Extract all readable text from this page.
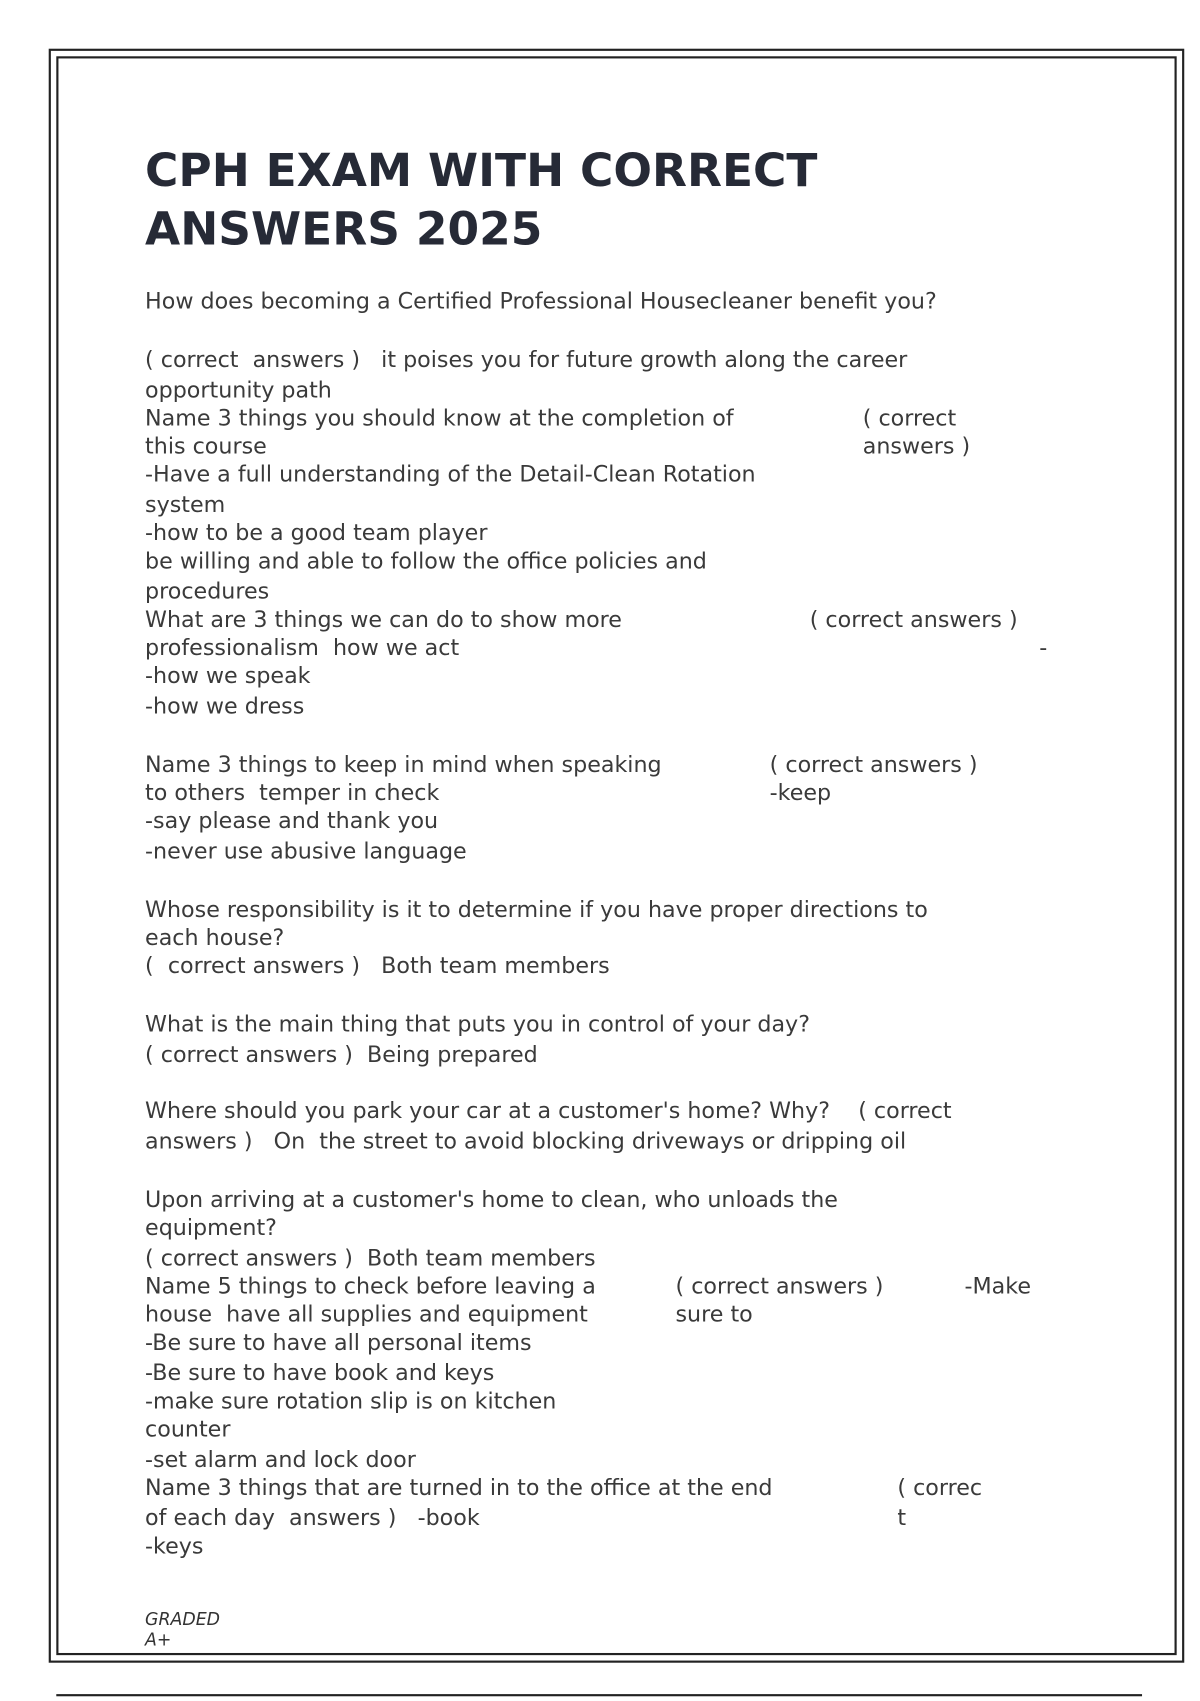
CPH EXAM WITH CORRECT
ANSWERS 2025
How does becoming a Certified Professional Housecleaner benefit you?
( correct  answers )   it poises you for future growth along the career
opportunity path
Name 3 things you should know at the completion of	( correct
this course	answers )
-Have a full understanding of the Detail-Clean Rotation
system
-how to be a good team player
be willing and able to follow the office policies and
procedures
What are 3 things we can do to show more	( correct answers )
professionalism  how we act	-
-how we speak
-how we dress
Name 3 things to keep in mind when speaking	( correct answers )
to others  temper in check	-keep
-say please and thank you
-never use abusive language
Whose responsibility is it to determine if you have proper directions to
each house?
(  correct answers )   Both team members
What is the main thing that puts you in control of your day?
( correct answers )  Being prepared
Where should you park your car at a customer's home? Why?    ( correct
answers )   On  the street to avoid blocking driveways or dripping oil
Upon arriving at a customer's home to clean, who unloads the
equipment?
( correct answers )  Both team members
Name 5 things to check before leaving a	( correct answers )	-Make
house  have all supplies and equipment	sure to
-Be sure to have all personal items
-Be sure to have book and keys
-make sure rotation slip is on kitchen
counter
-set alarm and lock door
Name 3 things that are turned in to the office at the end	( correc
of each day  answers )   -book	t
-keys
GRADED
A+
